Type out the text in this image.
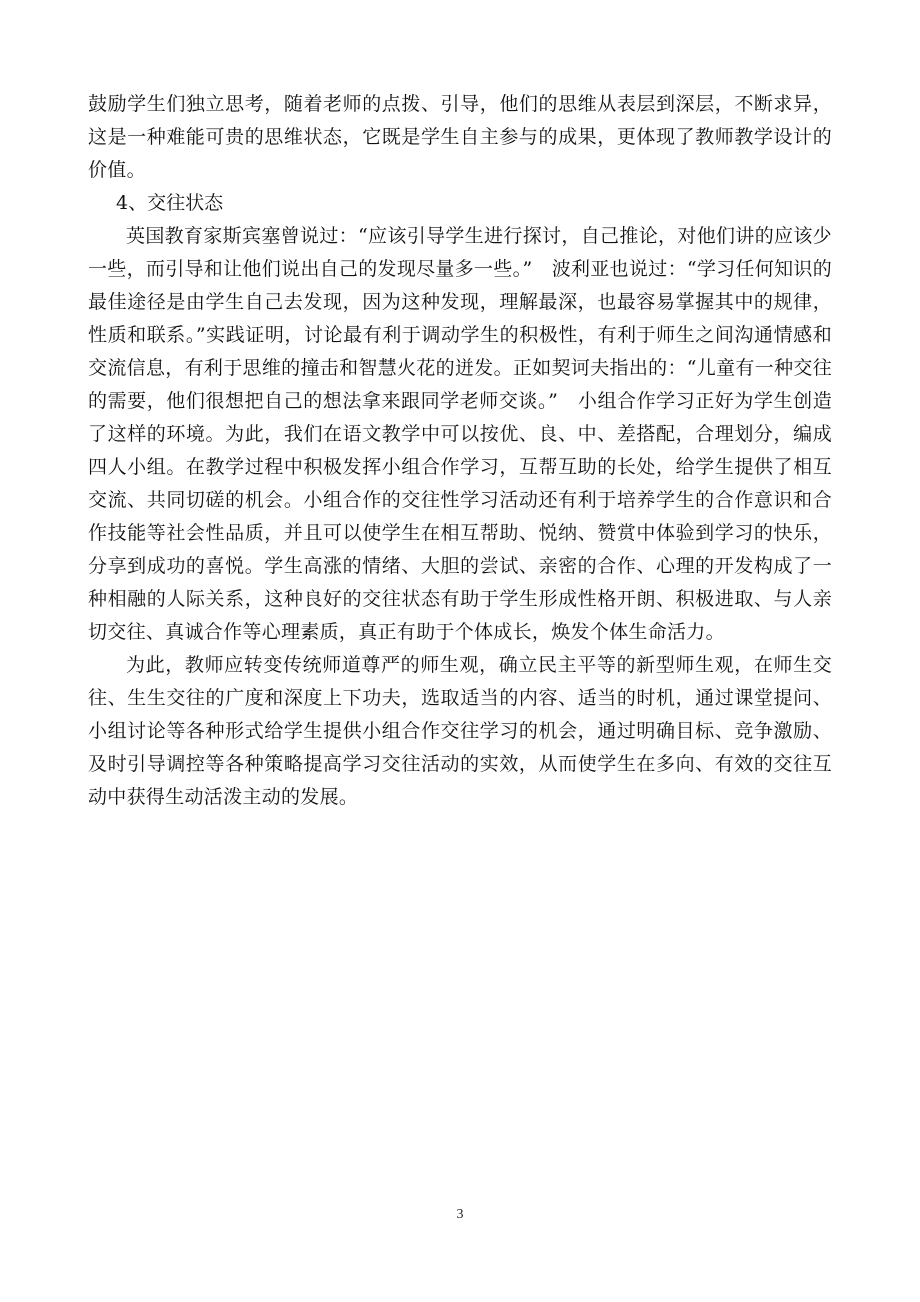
鼓励学生们独立思考，随着老师的点拨、引导，他们的思维从表层到深层，不断求异，这是一种难能可贵的思维状态，它既是学生自主参与的成果，更体现了教师教学设计的价值。

4、交往状态

英国教育家斯宾塞曾说过：“应该引导学生进行探讨，自己推论，对他们讲的应该少一些，而引导和让他们说出自己的发现尽量多一些。”　波利亚也说过：“学习任何知识的最佳途径是由学生自己去发现，因为这种发现，理解最深，也最容易掌握其中的规律，性质和联系。”实践证明，讨论最有利于调动学生的积极性，有利于师生之间沟通情感和交流信息，有利于思维的撞击和智慧火花的迸发。正如契诃夫指出的：“儿童有一种交往的需要，他们很想把自己的想法拿来跟同学老师交谈。”　小组合作学习正好为学生创造了这样的环境。为此，我们在语文教学中可以按优、良、中、差搭配，合理划分，编成四人小组。在教学过程中积极发挥小组合作学习，互帮互助的长处，给学生提供了相互交流、共同切磋的机会。小组合作的交往性学习活动还有利于培养学生的合作意识和合作技能等社会性品质，并且可以使学生在相互帮助、悦纳、赞赏中体验到学习的快乐，分享到成功的喜悦。学生高涨的情绪、大胆的尝试、亲密的合作、心理的开发构成了一种相融的人际关系，这种良好的交往状态有助于学生形成性格开朗、积极进取、与人亲切交往、真诚合作等心理素质，真正有助于个体成长，焕发个体生命活力。

为此，教师应转变传统师道尊严的师生观，确立民主平等的新型师生观，在师生交往、生生交往的广度和深度上下功夫，选取适当的内容、适当的时机，通过课堂提问、小组讨论等各种形式给学生提供小组合作交往学习的机会，通过明确目标、竞争激励、及时引导调控等各种策略提高学习交往活动的实效，从而使学生在多向、有效的交往互动中获得生动活泼主动的发展。

3
